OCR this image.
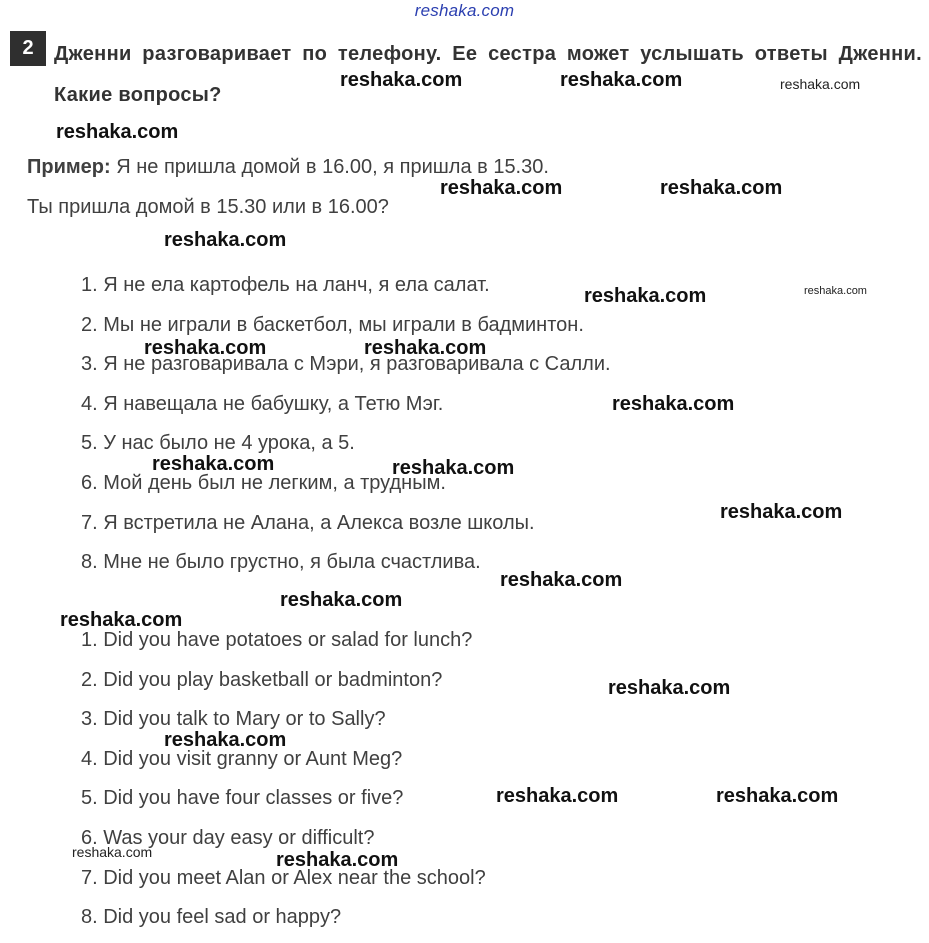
reshaka.com
2	Дженни разговаривает по телефону. Ее сестра может услышать ответы Дженни. Какие вопросы?
Пример: Я не пришла домой в 16.00, я пришла в 15.30.
Ты пришла домой в 15.30 или в 16.00?
1. Я не ела картофель на ланч, я ела салат.
2. Мы не играли в баскетбол, мы играли в бадминтон.
3. Я не разговаривала с Мэри, я разговаривала с Салли.
4. Я навещала не бабушку, а Тетю Мэг.
5. У нас было не 4 урока, а 5.
6. Мой день был не легким, а трудным.
7. Я встретила не Алана, а Алекса возле школы.
8. Мне не было грустно, я была счастлива.
1. Did you have potatoes or salad for lunch?
2. Did you play basketball or badminton?
3. Did you talk to Mary or to Sally?
4. Did you visit granny or Aunt Meg?
5. Did you have four classes or five?
6. Was your day easy or difficult?
7. Did you meet Alan or Alex near the school?
8. Did you feel sad or happy?
reshaka.com	reshaka.com	reshaka.com
reshaka.com
reshaka.com	reshaka.com
reshaka.com
reshaka.com	reshaka.com
reshaka.com	reshaka.com
reshaka.com
reshaka.com	reshaka.com
reshaka.com
reshaka.com
reshaka.com
reshaka.com
reshaka.com
reshaka.com
reshaka.com	reshaka.com
reshaka.com	reshaka.com
